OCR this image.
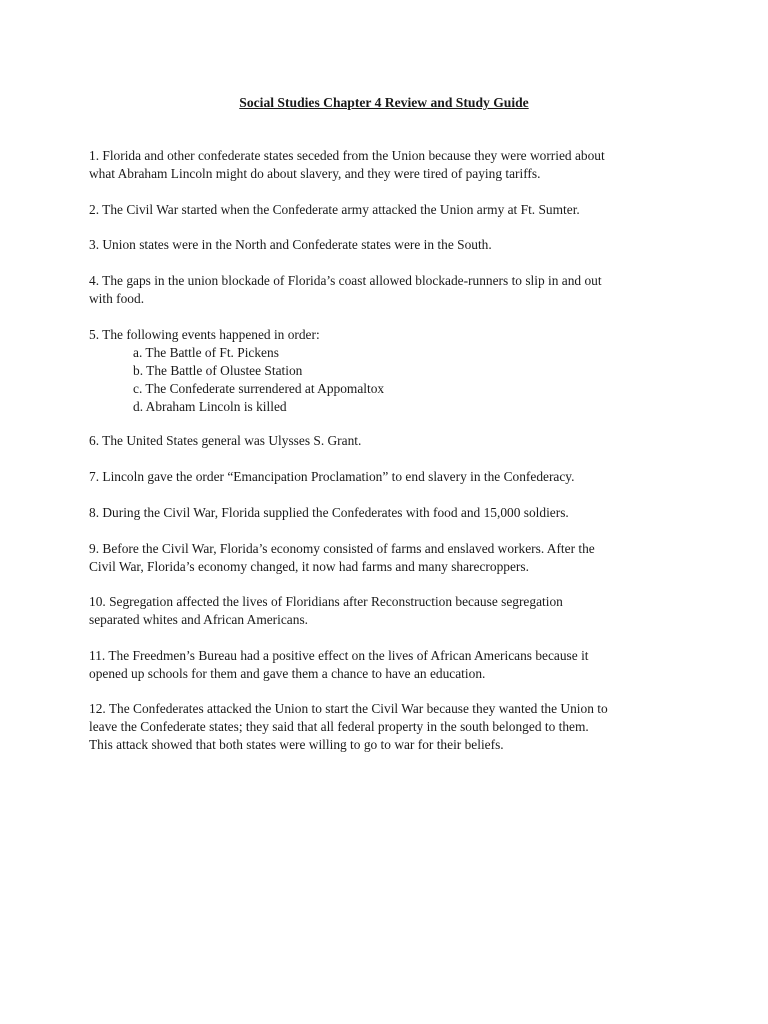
Social Studies Chapter 4 Review and Study Guide
1. Florida and other confederate states seceded from the Union because they were worried about
what Abraham Lincoln might do about slavery, and they were tired of paying tariffs.
2. The Civil War started when the Confederate army attacked the Union army at Ft. Sumter.
3. Union states were in the North and Confederate states were in the South.
4. The gaps in the union blockade of Florida’s coast allowed blockade-runners to slip in and out
with food.
5. The following events happened in order:
a. The Battle of Ft. Pickens
b. The Battle of Olustee Station
c. The Confederate surrendered at Appomaltox
d. Abraham Lincoln is killed
6. The United States general was Ulysses S. Grant.
7. Lincoln gave the order “Emancipation Proclamation” to end slavery in the Confederacy.
8. During the Civil War, Florida supplied the Confederates with food and 15,000 soldiers.
9. Before the Civil War, Florida’s economy consisted of farms and enslaved workers. After the
Civil War, Florida’s economy changed, it now had farms and many sharecroppers.
10. Segregation affected the lives of Floridians after Reconstruction because segregation
separated whites and African Americans.
11. The Freedmen’s Bureau had a positive effect on the lives of African Americans because it
opened up schools for them and gave them a chance to have an education.
12. The Confederates attacked the Union to start the Civil War because they wanted the Union to
leave the Confederate states; they said that all federal property in the south belonged to them.
This attack showed that both states were willing to go to war for their beliefs.
